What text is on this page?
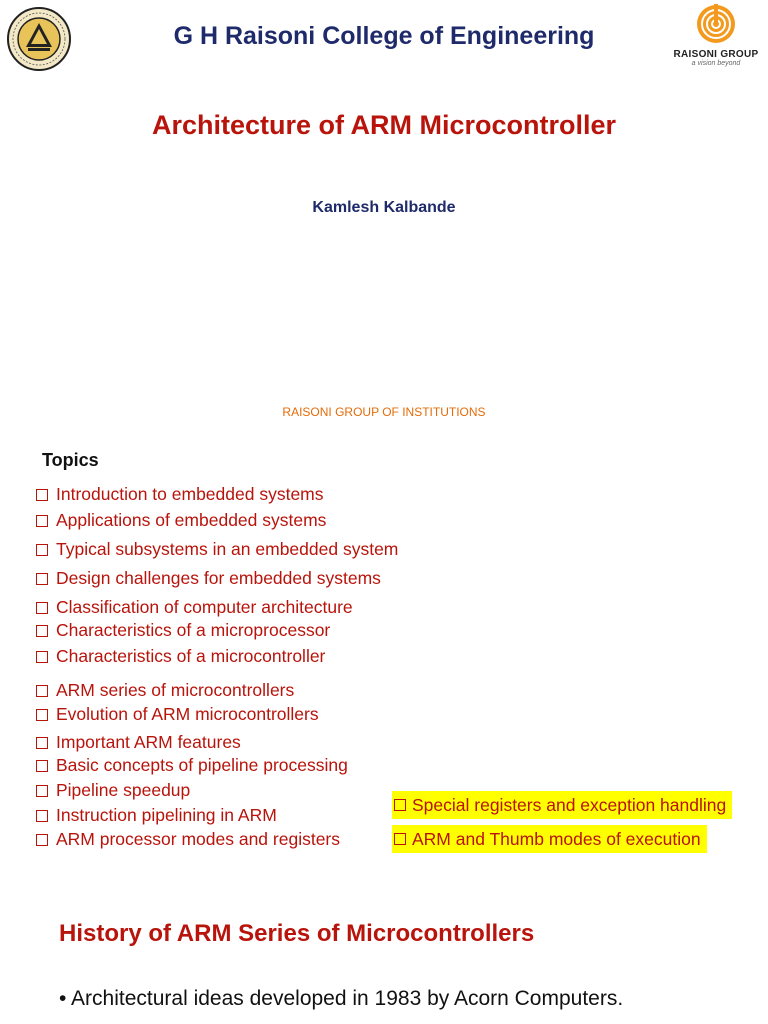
G H Raisoni College of Engineering
RAISONI GROUP
a vision beyond
Architecture of ARM Microcontroller
Kamlesh Kalbande
RAISONI GROUP OF INSTITUTIONS
Topics
Introduction to embedded systems
Applications of embedded systems
Typical subsystems in an embedded system
Design challenges for embedded systems
Classification of computer architecture
Characteristics of a microprocessor
Characteristics of a microcontroller
ARM series of microcontrollers
Evolution of ARM microcontrollers
Important ARM features
Basic concepts of pipeline processing
Pipeline speedup
Instruction pipelining in ARM
ARM processor modes and registers
Special registers and exception handling
ARM and Thumb modes of execution
History of ARM Series of Microcontrollers
• Architectural ideas developed in 1983 by Acorn Computers.
